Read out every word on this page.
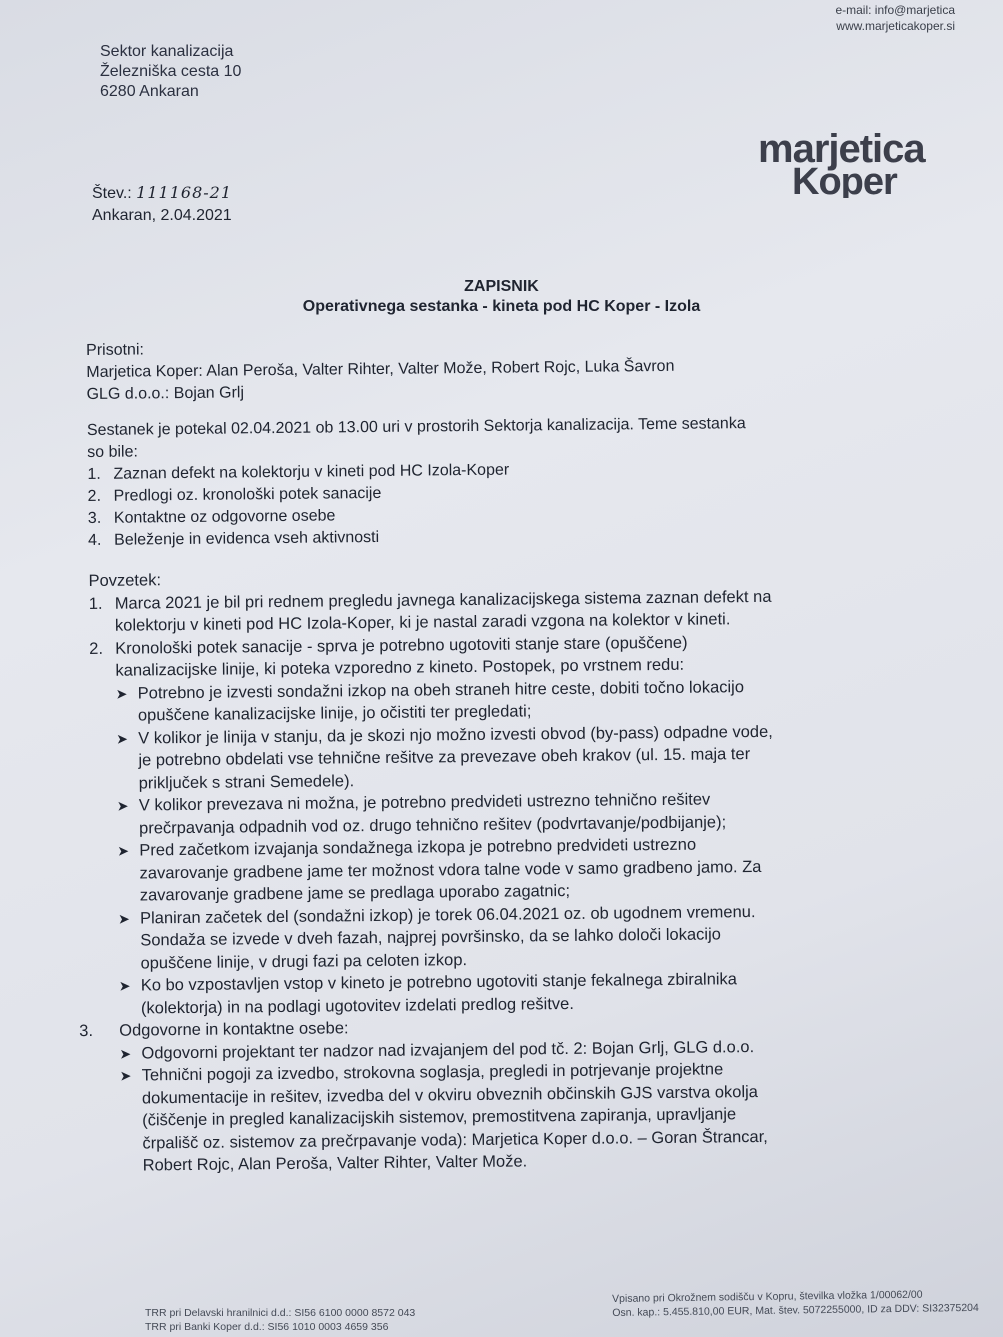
e-mail: info@marjetica
www.marjeticakoper.si
Sektor kanalizacija
Železniška cesta 10
6280 Ankaran
marjetica
Koper
Štev.: 111168-21
Ankaran, 2.04.2021
ZAPISNIK
Operativnega sestanka - kineta pod HC Koper - Izola

Prisotni:

Marjetica Koper: Alan Peroša, Valter Rihter, Valter Može, Robert Rojc, Luka Šavron

GLG d.o.o.: Bojan Grlj

Sestanek je potekal 02.04.2021 ob 13.00 uri v prostorih Sektorja kanalizacija. Teme sestanka

so bile:

1. Zaznan defekt na kolektorju v kineti pod HC Izola-Koper
2. Predlogi oz. kronološki potek sanacije
3. Kontaktne oz odgovorne osebe
4. Beleženje in evidenca vseh aktivnosti

Povzetek:

1. Marca 2021 je bil pri rednem pregledu javnega kanalizacijskega sistema zaznan defekt na
kolektorju v kineti pod HC Izola-Koper, ki je nastal zaradi vzgona na kolektor v kineti.
2. Kronološki potek sanacije - sprva je potrebno ugotoviti stanje stare (opuščene)
kanalizacijske linije, ki poteka vzporedno z kineto. Postopek, po vrstnem redu:
➤ Potrebno je izvesti sondažni izkop na obeh straneh hitre ceste, dobiti točno lokacijo
opuščene kanalizacijske linije, jo očistiti ter pregledati;
➤ V kolikor je linija v stanju, da je skozi njo možno izvesti obvod (by-pass) odpadne vode,
je potrebno obdelati vse tehnične rešitve za prevezave obeh krakov (ul. 15. maja ter
priključek s strani Semedele).
➤ V kolikor prevezava ni možna, je potrebno predvideti ustrezno tehnično rešitev
prečrpavanja odpadnih vod oz. drugo tehnično rešitev (podvrtavanje/podbijanje);
➤ Pred začetkom izvajanja sondažnega izkopa je potrebno predvideti ustrezno
zavarovanje gradbene jame ter možnost vdora talne vode v samo gradbeno jamo. Za
zavarovanje gradbene jame se predlaga uporabo zagatnic;
➤ Planiran začetek del (sondažni izkop) je torek 06.04.2021 oz. ob ugodnem vremenu.
Sondaža se izvede v dveh fazah, najprej površinsko, da se lahko določi lokacijo
opuščene linije, v drugi fazi pa celoten izkop.
➤ Ko bo vzpostavljen vstop v kineto je potrebno ugotoviti stanje fekalnega zbiralnika
(kolektorja) in na podlagi ugotovitev izdelati predlog rešitve.
3.	Odgovorne in kontaktne osebe:
➤ Odgovorni projektant ter nadzor nad izvajanjem del pod tč. 2: Bojan Grlj, GLG d.o.o.
➤ Tehnični pogoji za izvedbo, strokovna soglasja, pregledi in potrjevanje projektne
dokumentacije in rešitev, izvedba del v okviru obveznih občinskih GJS varstva okolja
(čiščenje in pregled kanalizacijskih sistemov, premostitvena zapiranja, upravljanje
črpališč oz. sistemov za prečrpavanje voda): Marjetica Koper d.o.o. – Goran Štrancar,
Robert Rojc, Alan Peroša, Valter Rihter, Valter Može.
TRR pri Delavski hranilnici d.d.: SI56 6100 0000 8572 043
TRR pri Banki Koper d.d.: SI56 1010 0003 4659 356
Vpisano pri Okrožnem sodišču v Kopru, številka vložka 1/00062/00
Osn. kap.: 5.455.810,00 EUR, Mat. štev. 5072255000, ID za DDV: SI32375204
